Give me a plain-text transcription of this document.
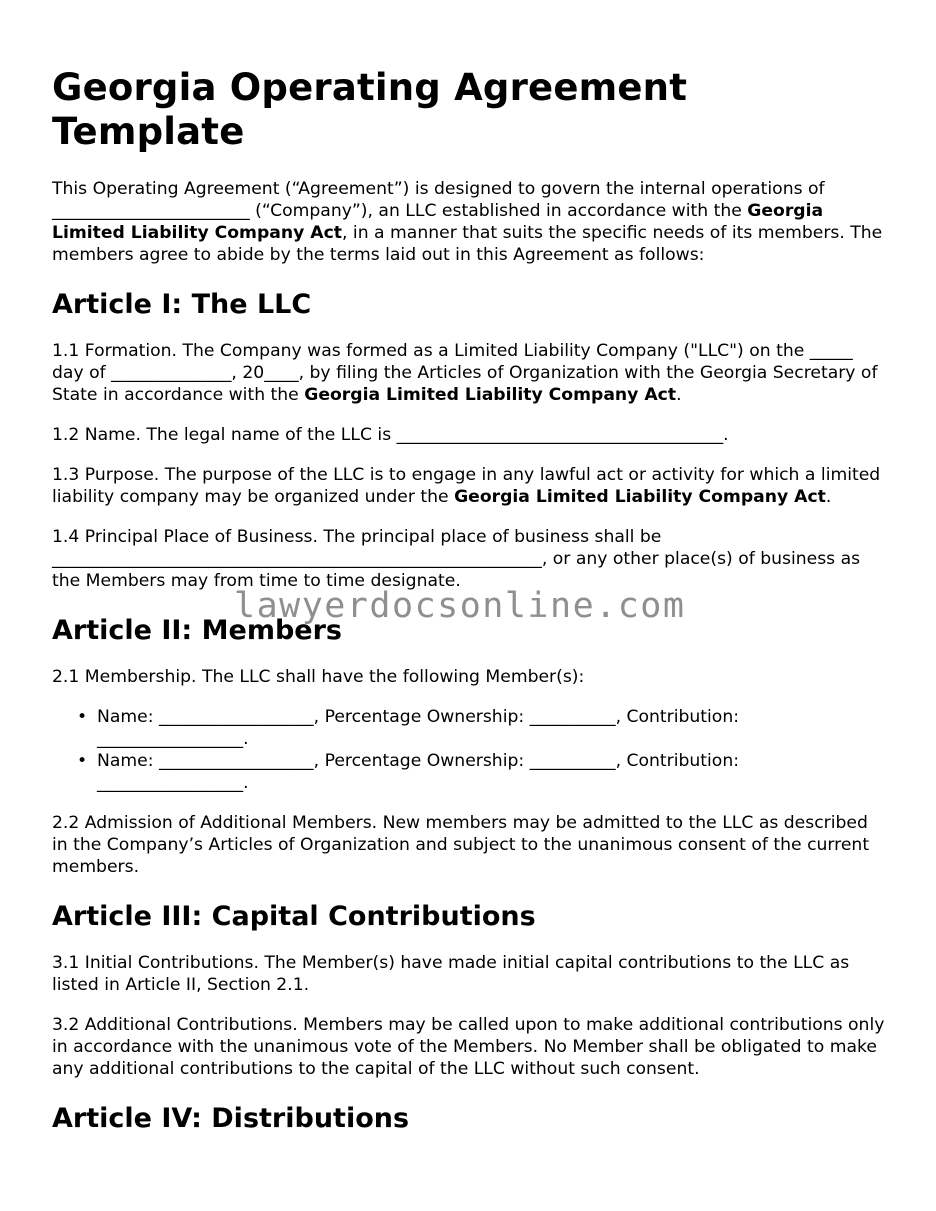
Georgia Operating Agreement Template

This Operating Agreement (“Agreement”) is designed to govern the internal operations of _______________________ (“Company”), an LLC established in accordance with the Georgia Limited Liability Company Act, in a manner that suits the specific needs of its members. The members agree to abide by the terms laid out in this Agreement as follows:

Article I: The LLC

1.1 Formation. The Company was formed as a Limited Liability Company ("LLC") on the _____ day of ______________, 20____, by filing the Articles of Organization with the Georgia Secretary of State in accordance with the Georgia Limited Liability Company Act.

1.2 Name. The legal name of the LLC is ______________________________________.

1.3 Purpose. The purpose of the LLC is to engage in any lawful act or activity for which a limited liability company may be organized under the Georgia Limited Liability Company Act.

1.4 Principal Place of Business. The principal place of business shall be _________________________________________________________, or any other place(s) of business as the Members may from time to time designate.

Article II: Members

2.1 Membership. The LLC shall have the following Member(s):

• Name: __________________, Percentage Ownership: __________, Contribution: _________________.
• Name: __________________, Percentage Ownership: __________, Contribution: _________________.

2.2 Admission of Additional Members. New members may be admitted to the LLC as described in the Company’s Articles of Organization and subject to the unanimous consent of the current members.

Article III: Capital Contributions

3.1 Initial Contributions. The Member(s) have made initial capital contributions to the LLC as listed in Article II, Section 2.1.

3.2 Additional Contributions. Members may be called upon to make additional contributions only in accordance with the unanimous vote of the Members. No Member shall be obligated to make any additional contributions to the capital of the LLC without such consent.

Article IV: Distributions
lawyerdocsonline.com
